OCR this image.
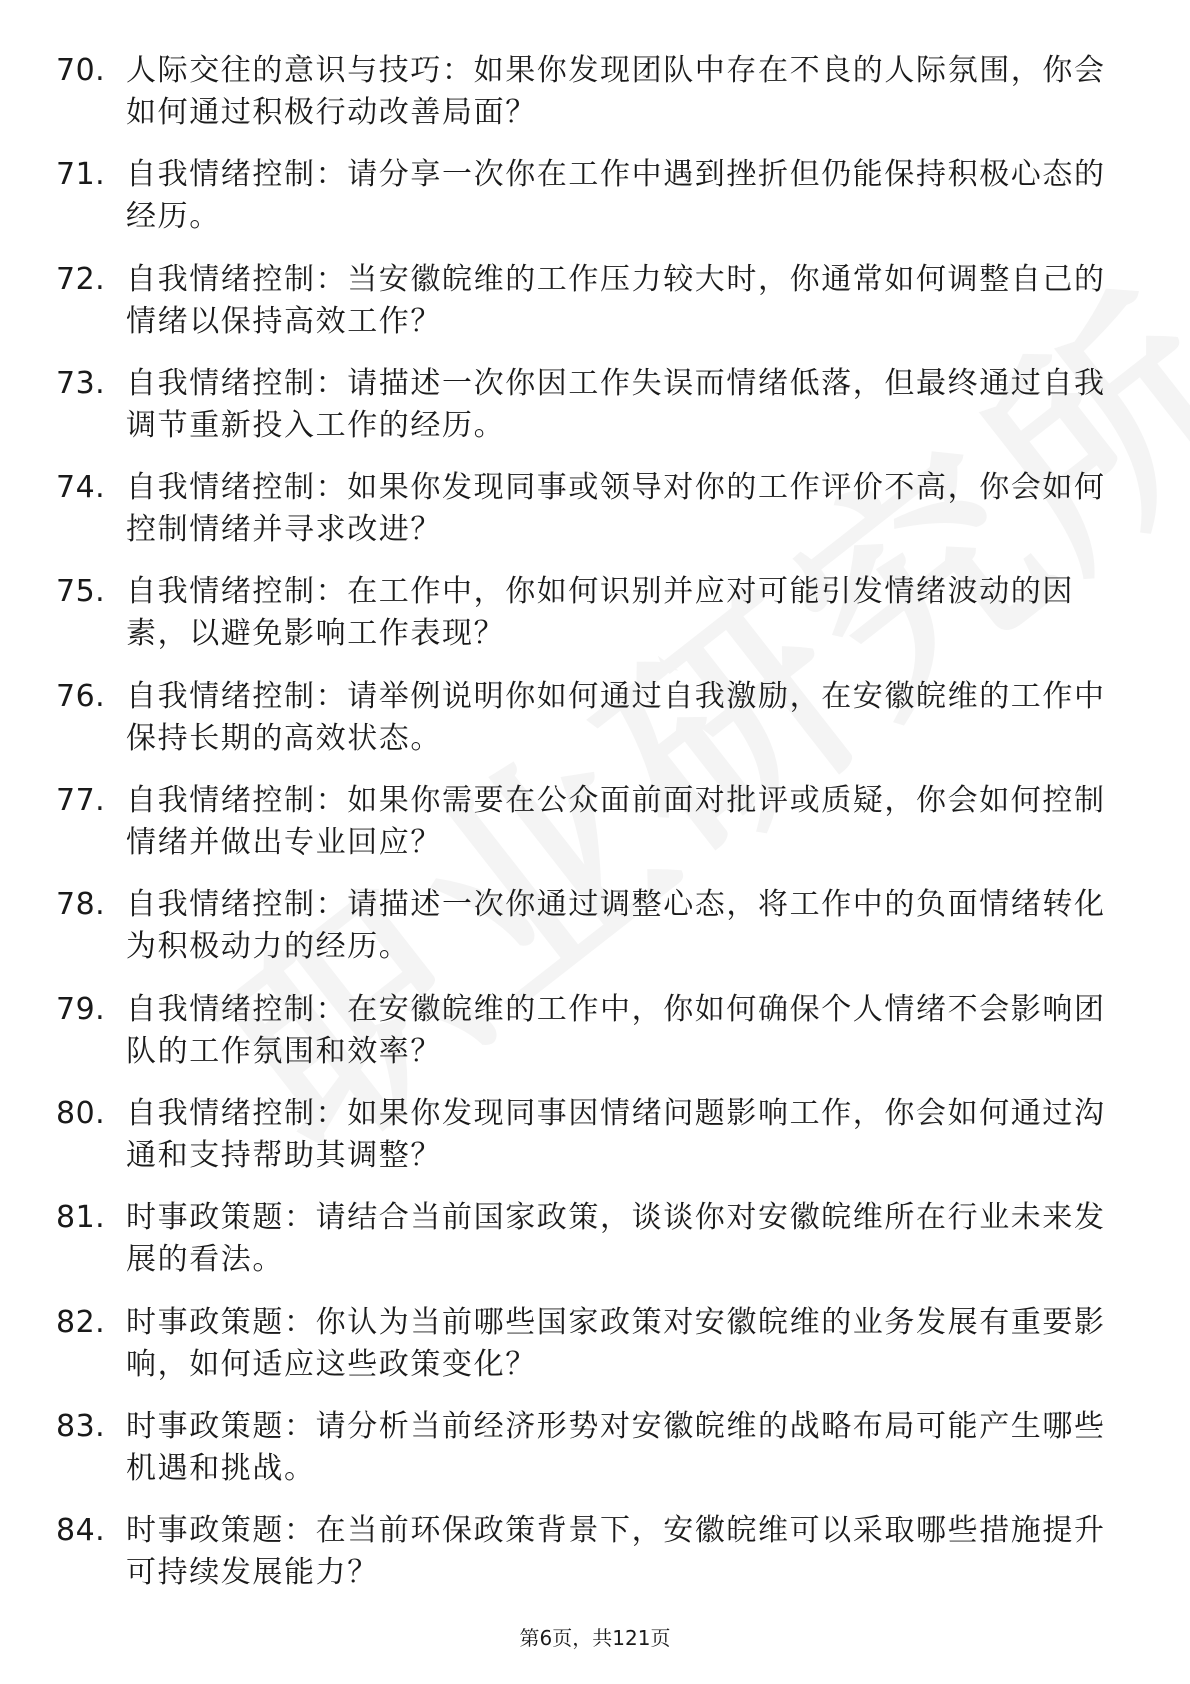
70. 人际交往的意识与技巧：如果你发现团队中存在不良的人际氛围，你会如何通过积极行动改善局面？
71. 自我情绪控制：请分享一次你在工作中遇到挫折但仍能保持积极心态的经历。
72. 自我情绪控制：当安徽皖维的工作压力较大时，你通常如何调整自己的情绪以保持高效工作？
73. 自我情绪控制：请描述一次你因工作失误而情绪低落，但最终通过自我调节重新投入工作的经历。
74. 自我情绪控制：如果你发现同事或领导对你的工作评价不高，你会如何控制情绪并寻求改进？
75. 自我情绪控制：在工作中，你如何识别并应对可能引发情绪波动的因素，以避免影响工作表现？
76. 自我情绪控制：请举例说明你如何通过自我激励，在安徽皖维的工作中保持长期的高效状态。
77. 自我情绪控制：如果你需要在公众面前面对批评或质疑，你会如何控制情绪并做出专业回应？
78. 自我情绪控制：请描述一次你通过调整心态，将工作中的负面情绪转化为积极动力的经历。
79. 自我情绪控制：在安徽皖维的工作中，你如何确保个人情绪不会影响团队的工作氛围和效率？
80. 自我情绪控制：如果你发现同事因情绪问题影响工作，你会如何通过沟通和支持帮助其调整？
81. 时事政策题：请结合当前国家政策，谈谈你对安徽皖维所在行业未来发展的看法。
82. 时事政策题：你认为当前哪些国家政策对安徽皖维的业务发展有重要影响，如何适应这些政策变化？
83. 时事政策题：请分析当前经济形势对安徽皖维的战略布局可能产生哪些机遇和挑战。
84. 时事政策题：在当前环保政策背景下，安徽皖维可以采取哪些措施提升可持续发展能力？
第6页，共121页
